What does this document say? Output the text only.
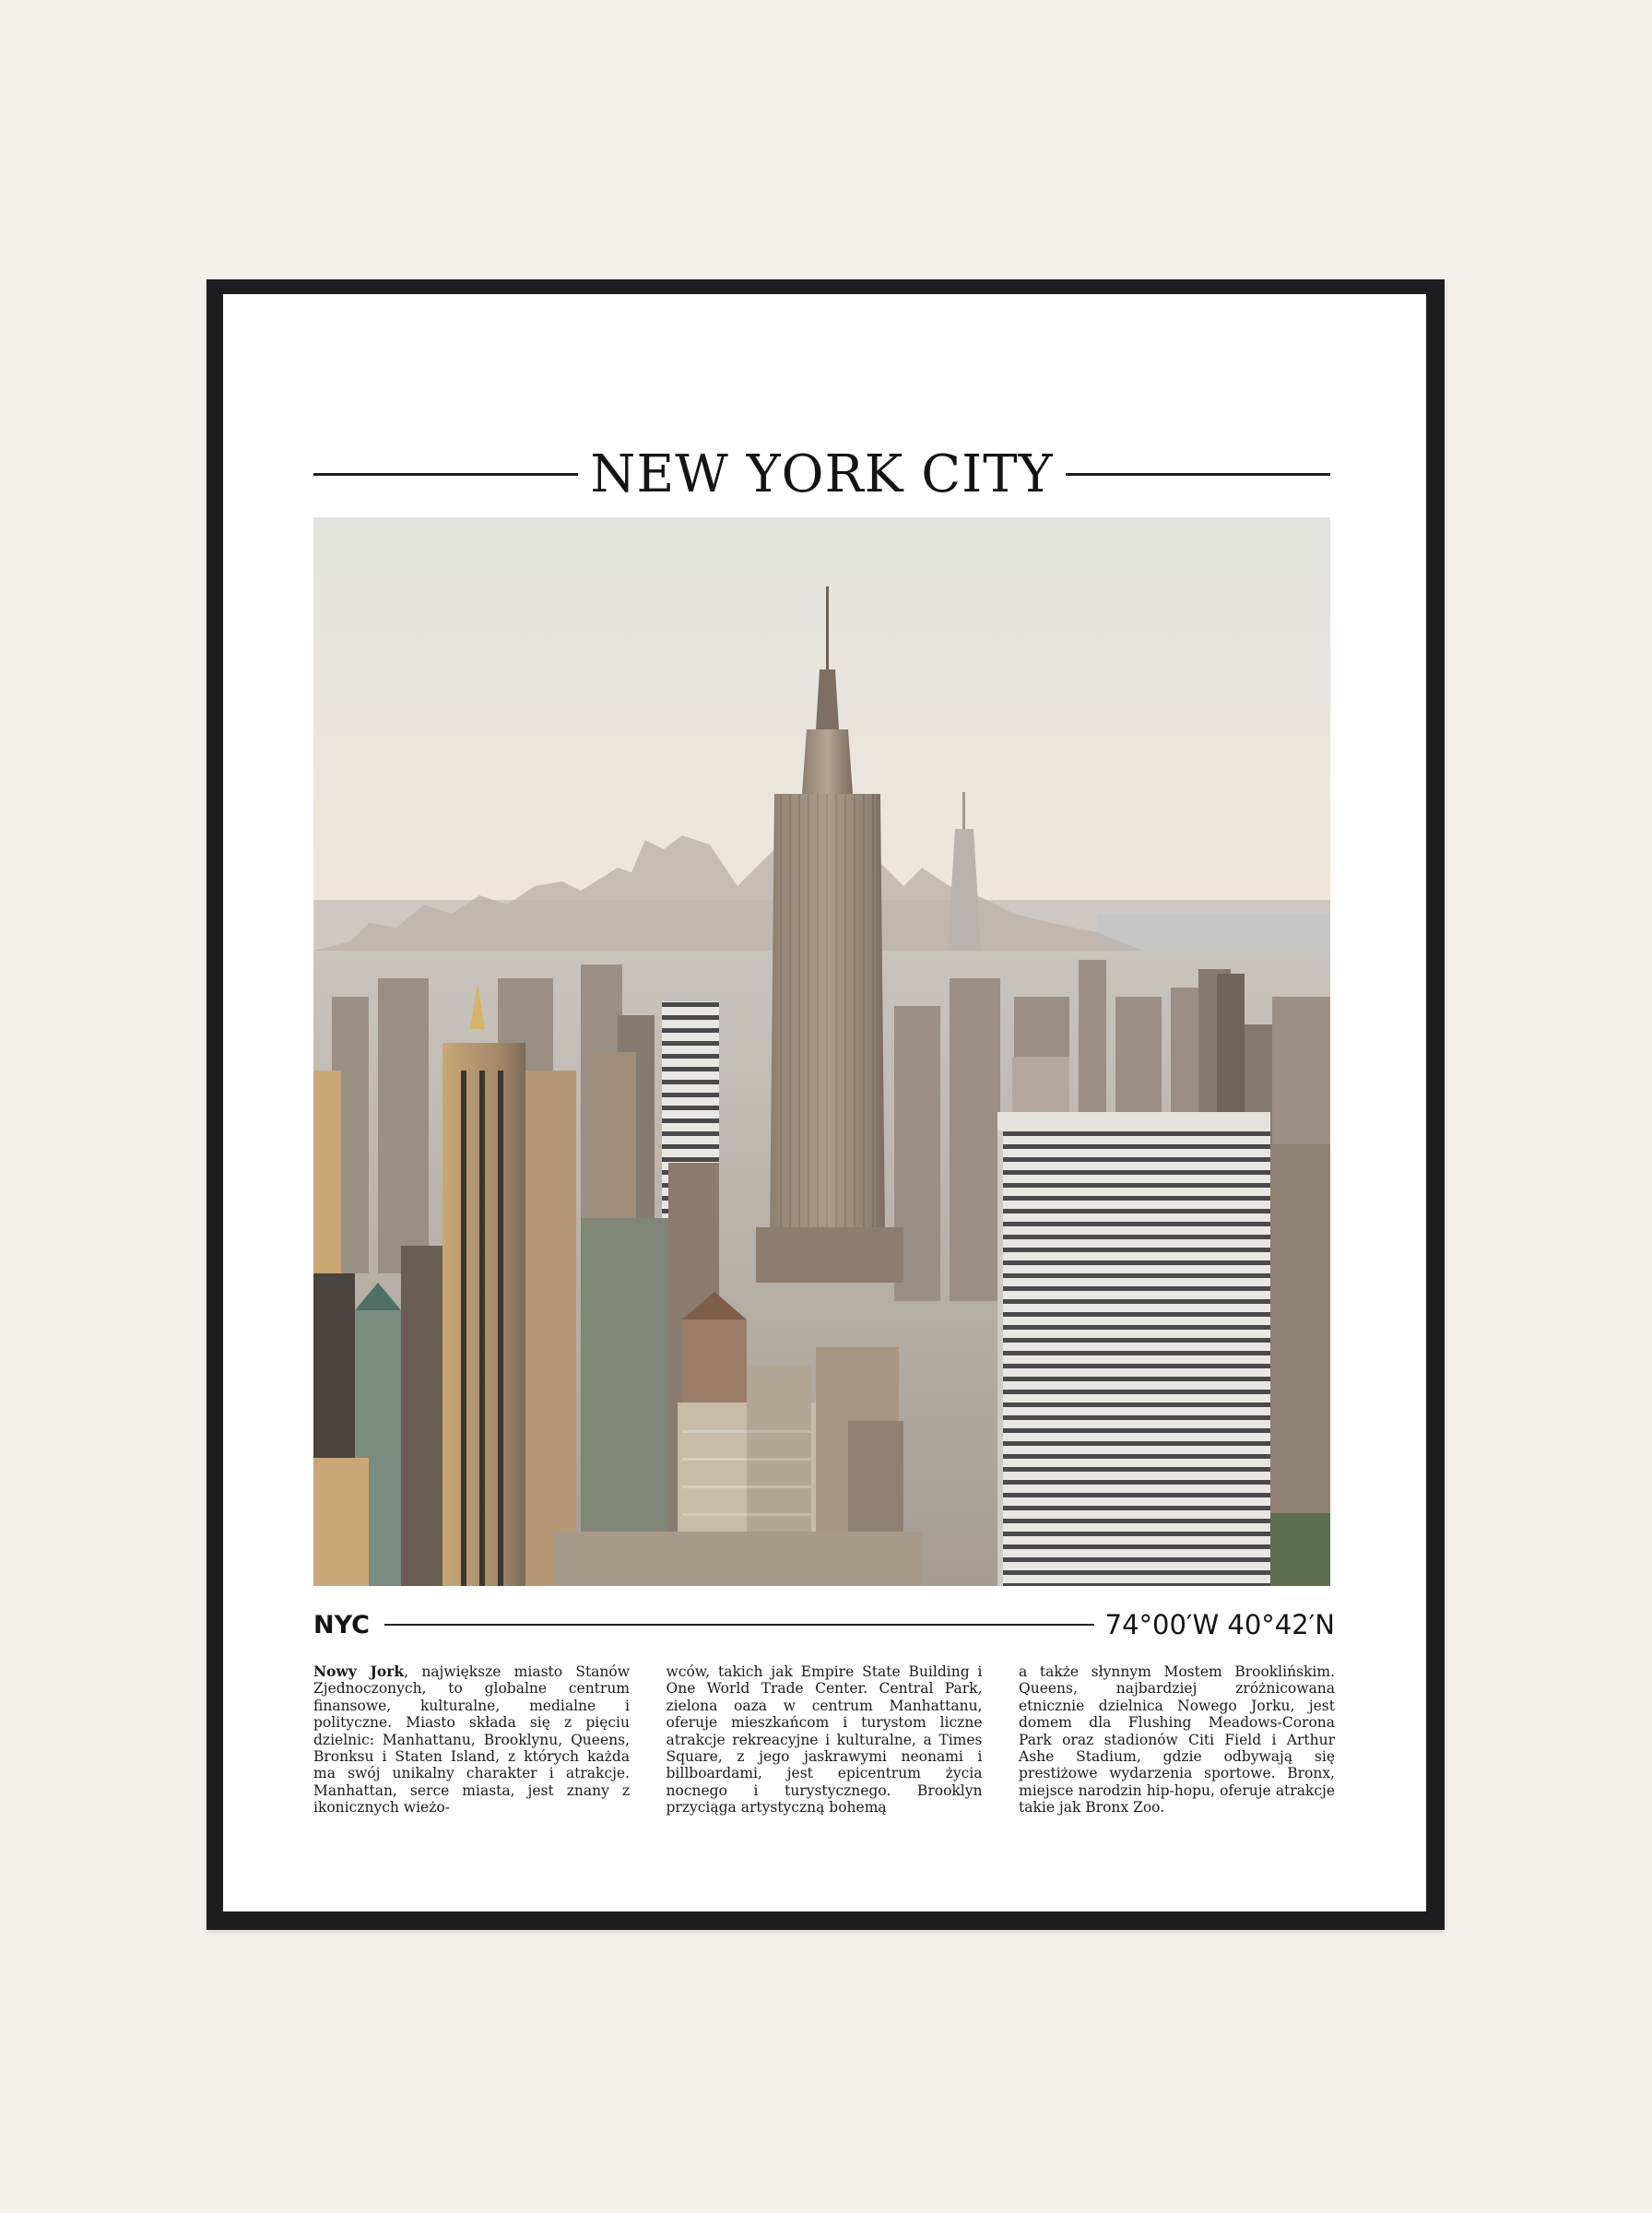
NEW YORK CITY
NYC	74°00′W 40°42′N
Nowy Jork, największe miasto Stanów Zjednoczonych, to globalne centrum finansowe, kulturalne, medialne i polityczne. Miasto składa się z pięciu dzielnic: Manhattanu, Brooklynu, Queens, Bronksu i Staten Island, z których każda ma swój unikalny charakter i atrakcje. Manhattan, serce miasta, jest znany z ikonicznych wieżo-
wców, takich jak Empire State Building i One World Trade Center. Central Park, zielona oaza w centrum Manhattanu, oferuje mieszkańcom i turystom liczne atrakcje rekreacyjne i kulturalne, a Times Square, z jego jaskrawymi neonami i billboardami, jest epicentrum życia nocnego i turystycznego. Brooklyn przyciąga artystyczną bohemą
a także słynnym Mostem Brooklińskim. Queens, najbardziej zróżnicowana etnicznie dzielnica Nowego Jorku, jest domem dla Flushing Meadows-Corona Park oraz stadionów Citi Field i Arthur Ashe Stadium, gdzie odbywają się prestiżowe wydarzenia sportowe. Bronx, miejsce narodzin hip-hopu, oferuje atrakcje takie jak Bronx Zoo.
